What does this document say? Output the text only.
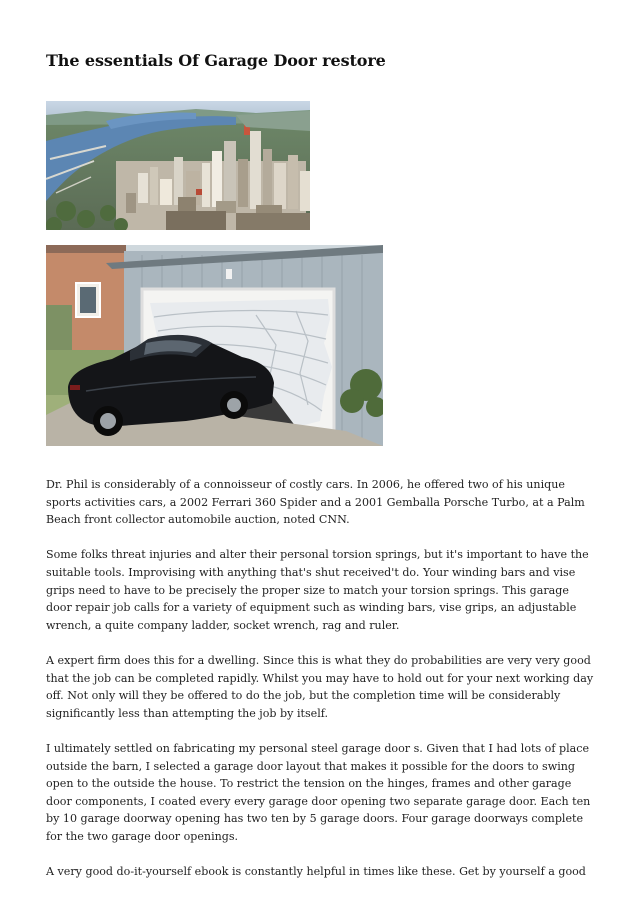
The essentials Of Garage Door restore

Dr. Phil is considerably of a connoisseur of costly cars. In 2006, he offered two of his unique sports activities cars, a 2002 Ferrari 360 Spider and a 2001 Gemballa Porsche Turbo, at a Palm Beach front collector automobile auction, noted CNN.

Some folks threat injuries and alter their personal torsion springs, but it's important to have the suitable tools. Improvising with anything that's shut received't do. Your winding bars and vise grips need to have to be precisely the proper size to match your torsion springs. This garage door repair job calls for a variety of equipment such as winding bars, vise grips, an adjustable wrench, a quite company ladder, socket wrench, rag and ruler.

A expert firm does this for a dwelling. Since this is what they do probabilities are very very good that the job can be completed rapidly. Whilst you may have to hold out for your next working day off. Not only will they be offered to do the job, but the completion time will be considerably significantly less than attempting the job by itself.

I ultimately settled on fabricating my personal steel garage door s. Given that I had lots of place outside the barn, I selected a garage door layout that makes it possible for the doors to swing open to the outside the house. To restrict the tension on the hinges, frames and other garage door components, I coated every every garage door opening two separate garage door. Each ten by 10 garage doorway opening has two ten by 5 garage doors. Four garage doorways complete for the two garage door openings.

A very good do-it-yourself ebook is constantly helpful in times like these. Get by yourself a good
